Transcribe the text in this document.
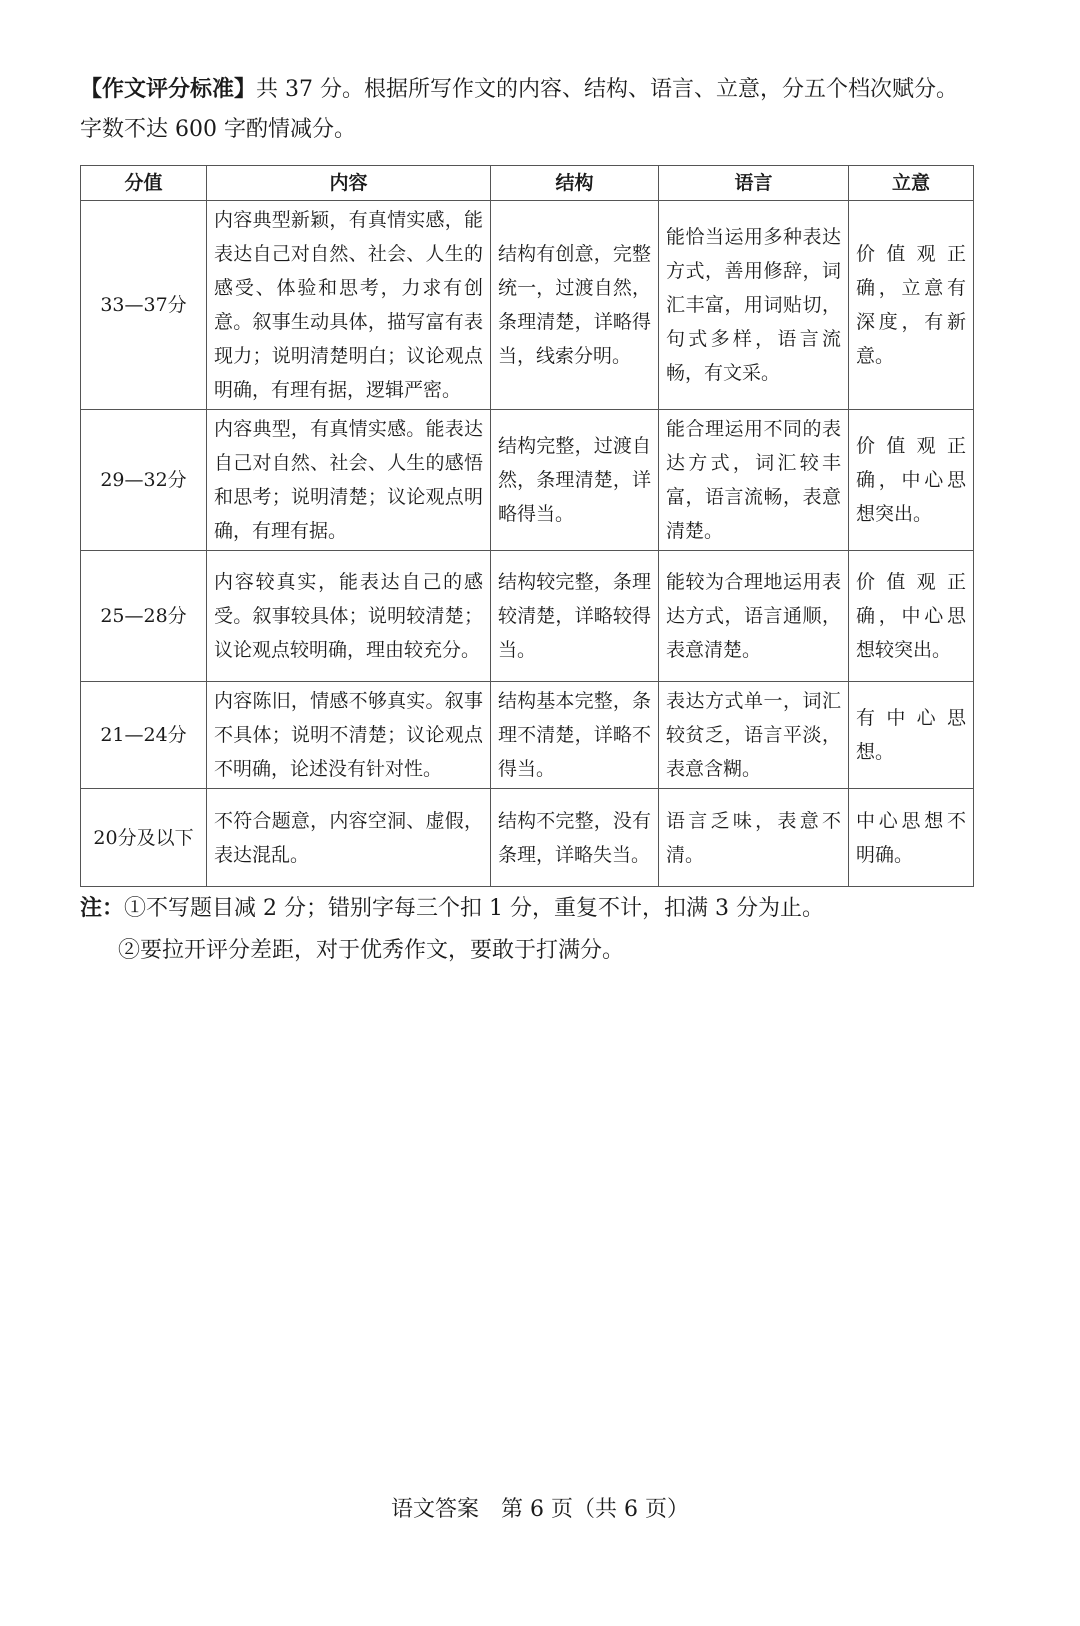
【作文评分标准】共 37 分。根据所写作文的内容、结构、语言、立意，分五个档次赋分。
字数不达 600 字酌情减分。
分值	内容	结构	语言	立意
33—37分	内容典型新颖，有真情实感，能表达自己对自然、社会、人生的感受、体验和思考，力求有创意。叙事生动具体，描写富有表现力；说明清楚明白；议论观点明确，有理有据，逻辑严密。	结构有创意，完整统一，过渡自然，条理清楚，详略得当，线索分明。	能恰当运用多种表达方式，善用修辞，词汇丰富，用词贴切，句式多样，语言流畅，有文采。	价值观正确，立意有深度，有新意。
29—32分	内容典型，有真情实感。能表达自己对自然、社会、人生的感悟和思考；说明清楚；议论观点明确，有理有据。	结构完整，过渡自然，条理清楚，详略得当。	能合理运用不同的表达方式，词汇较丰富，语言流畅，表意清楚。	价值观正确，中心思想突出。
25—28分	内容较真实，能表达自己的感受。叙事较具体；说明较清楚；议论观点较明确，理由较充分。	结构较完整，条理较清楚，详略较得当。	能较为合理地运用表达方式，语言通顺，表意清楚。	价值观正确，中心思想较突出。
21—24分	内容陈旧，情感不够真实。叙事不具体；说明不清楚；议论观点不明确，论述没有针对性。	结构基本完整，条理不清楚，详略不得当。	表达方式单一，词汇较贫乏，语言平淡，表意含糊。	有中心思想。
20分及以下	不符合题意，内容空洞、虚假，表达混乱。	结构不完整，没有条理，详略失当。	语言乏味，表意不清。	中心思想不明确。
注：①不写题目减 2 分；错别字每三个扣 1 分，重复不计，扣满 3 分为止。
②要拉开评分差距，对于优秀作文，要敢于打满分。
语文答案　第 6 页（共 6 页）
